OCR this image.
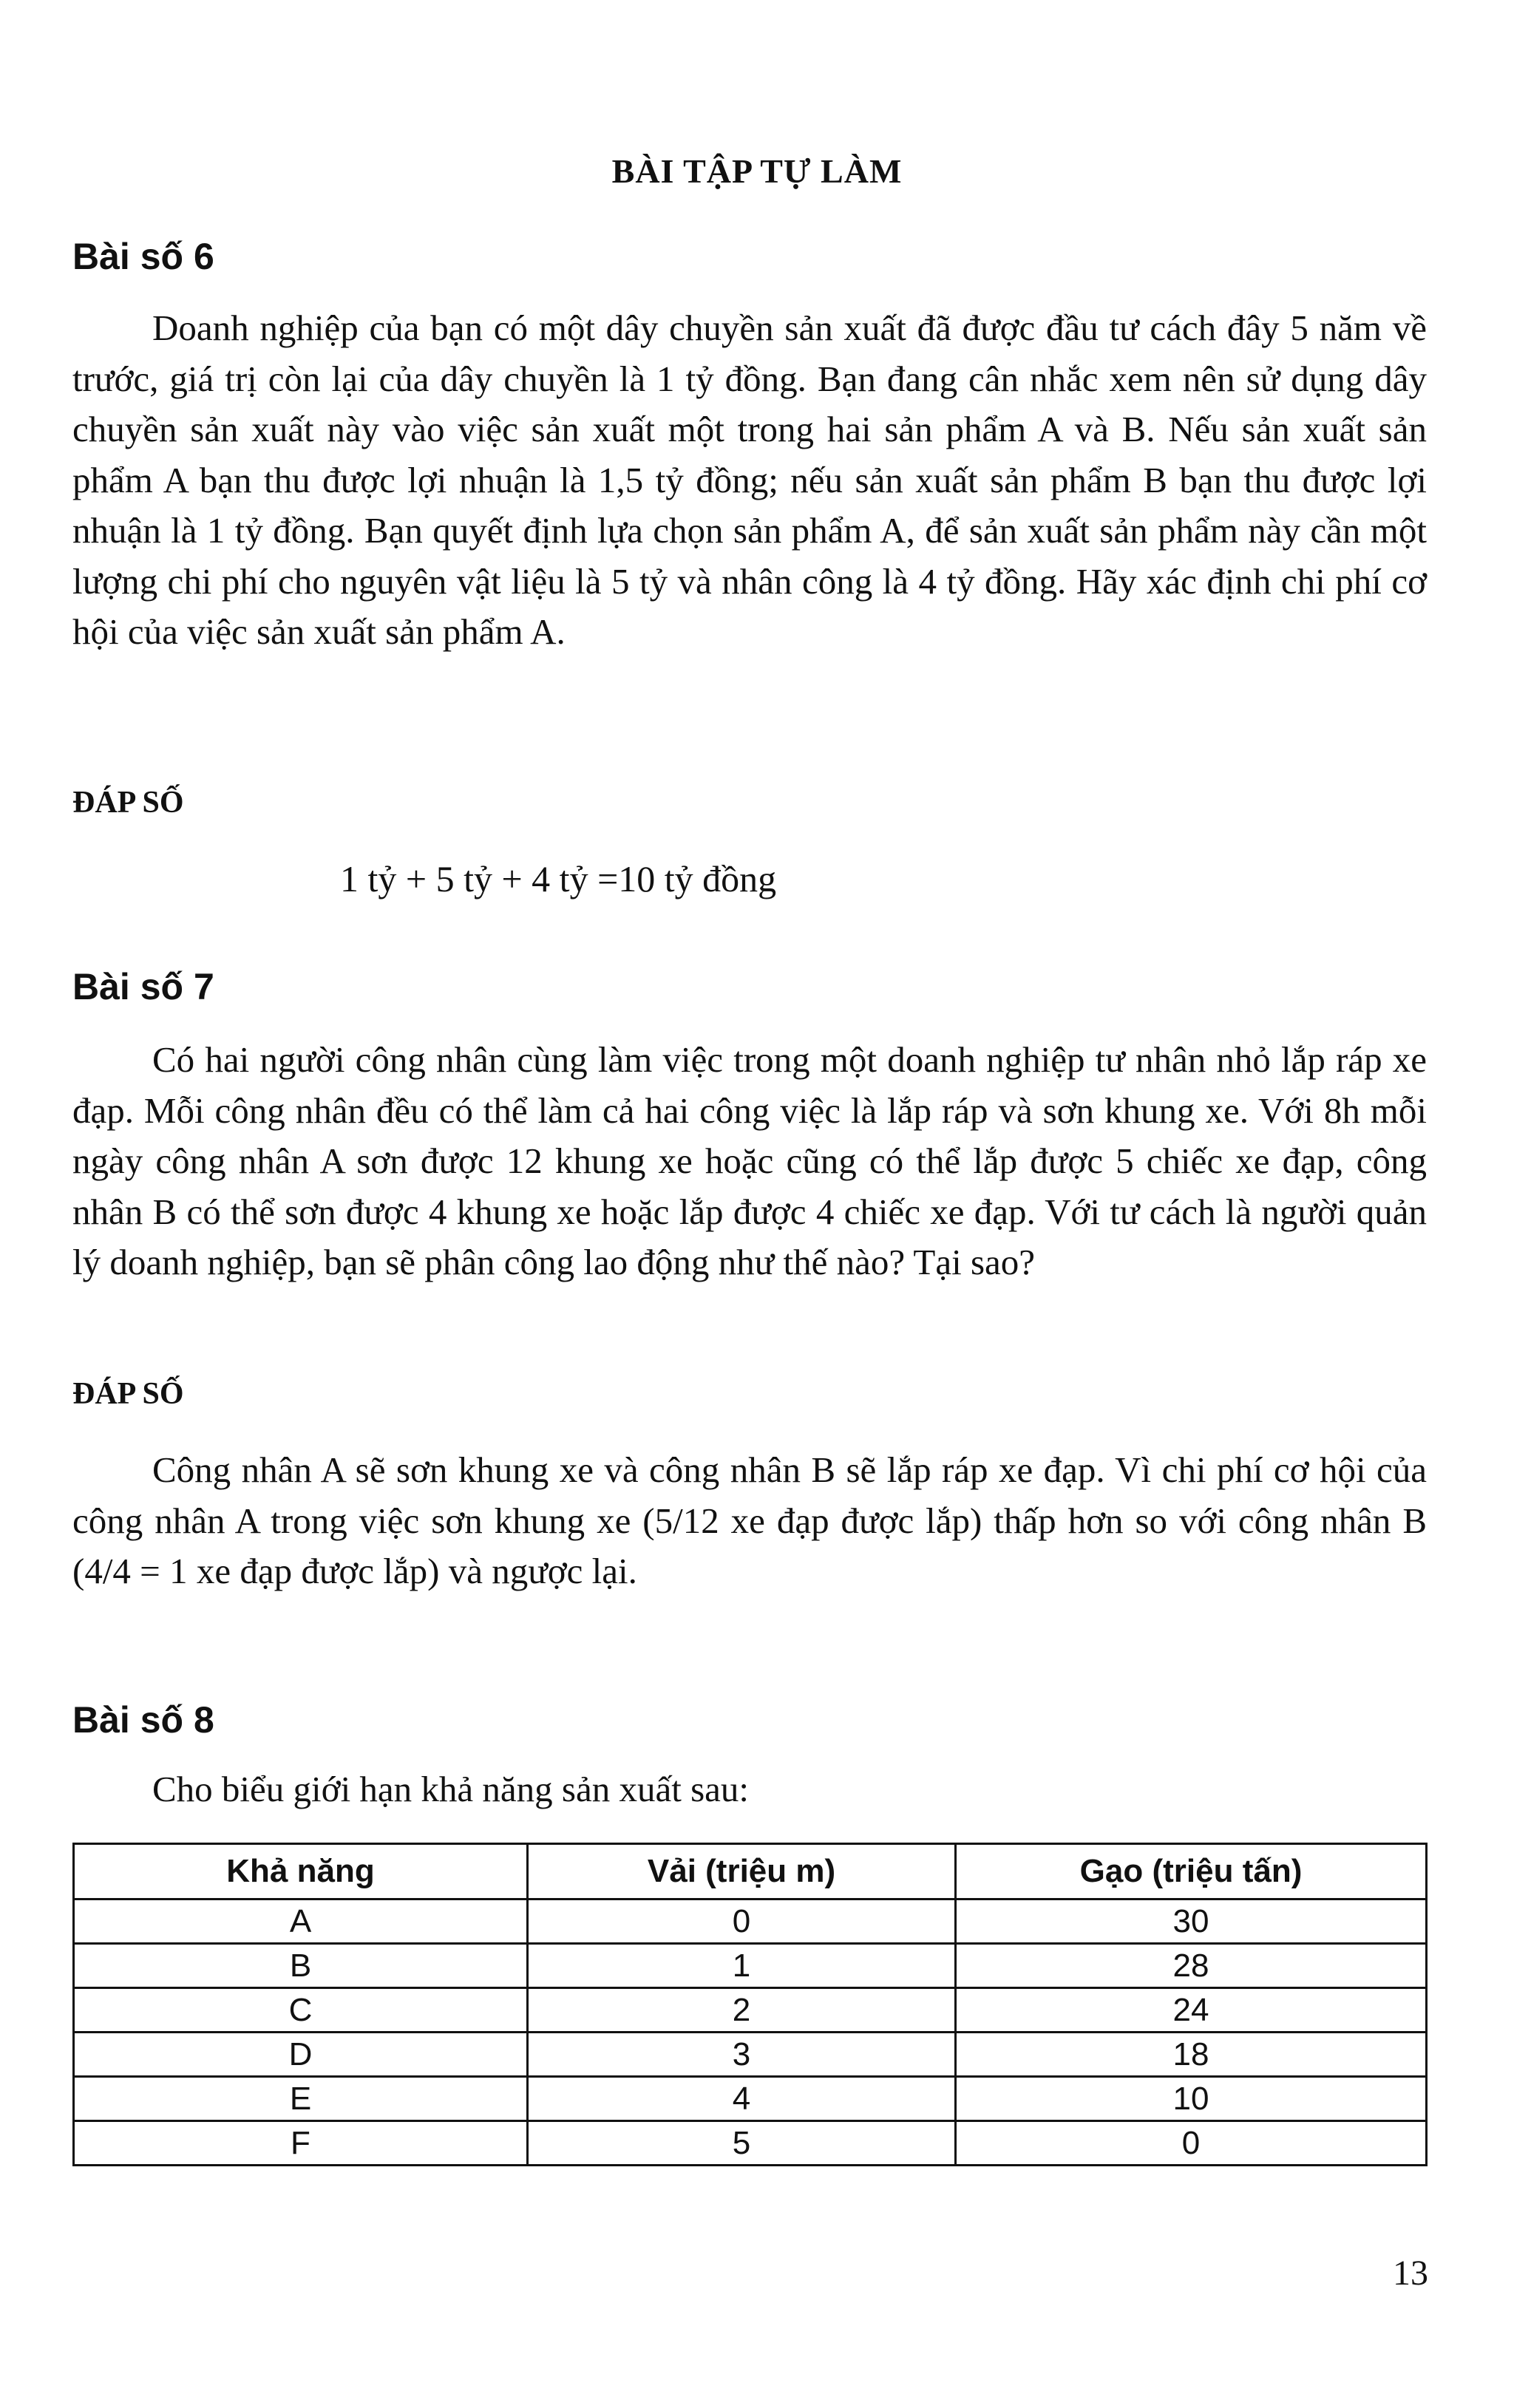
BÀI TẬP TỰ LÀM
Bài số 6

Doanh nghiệp của bạn có một dây chuyền sản xuất đã được đầu tư cách đây 5 năm về trước, giá trị còn lại của dây chuyền là 1 tỷ đồng. Bạn đang cân nhắc xem nên sử dụng dây chuyền sản xuất này vào việc sản xuất một trong hai sản phẩm A và B. Nếu sản xuất sản phẩm A bạn thu được lợi nhuận là 1,5 tỷ đồng; nếu sản xuất sản phẩm B bạn thu được lợi nhuận là 1 tỷ đồng. Bạn quyết định lựa chọn sản phẩm A, để sản xuất sản phẩm này cần một lượng chi phí cho nguyên vật liệu là 5 tỷ và nhân công là 4 tỷ đồng. Hãy xác định chi phí cơ hội của việc sản xuất sản phẩm A.

ĐÁP SỐ
1 tỷ + 5 tỷ + 4 tỷ =10 tỷ đồng
Bài số 7

Có hai người công nhân cùng làm việc trong một doanh nghiệp tư nhân nhỏ lắp ráp xe đạp. Mỗi công nhân đều có thể làm cả hai công việc là lắp ráp và sơn khung xe. Với 8h mỗi ngày công nhân A sơn được 12 khung xe hoặc cũng có thể lắp được 5 chiếc xe đạp, công nhân B có thể sơn được 4 khung xe hoặc lắp được 4 chiếc xe đạp. Với tư cách là người quản lý doanh nghiệp, bạn sẽ phân công lao động như thế nào? Tại sao?

ĐÁP SỐ

Công nhân A sẽ sơn khung xe và công nhân B sẽ lắp ráp xe đạp. Vì chi phí cơ hội của công nhân A trong việc sơn khung xe (5/12 xe đạp được lắp) thấp hơn so với công nhân B (4/4 = 1 xe đạp được lắp) và ngược lại.

Bài số 8
Cho biểu giới hạn khả năng sản xuất sau:
Khả năng	Vải (triệu m)	Gạo (triệu tấn)
A	0	30
B	1	28
C	2	24
D	3	18
E	4	10
F	5	0
13
